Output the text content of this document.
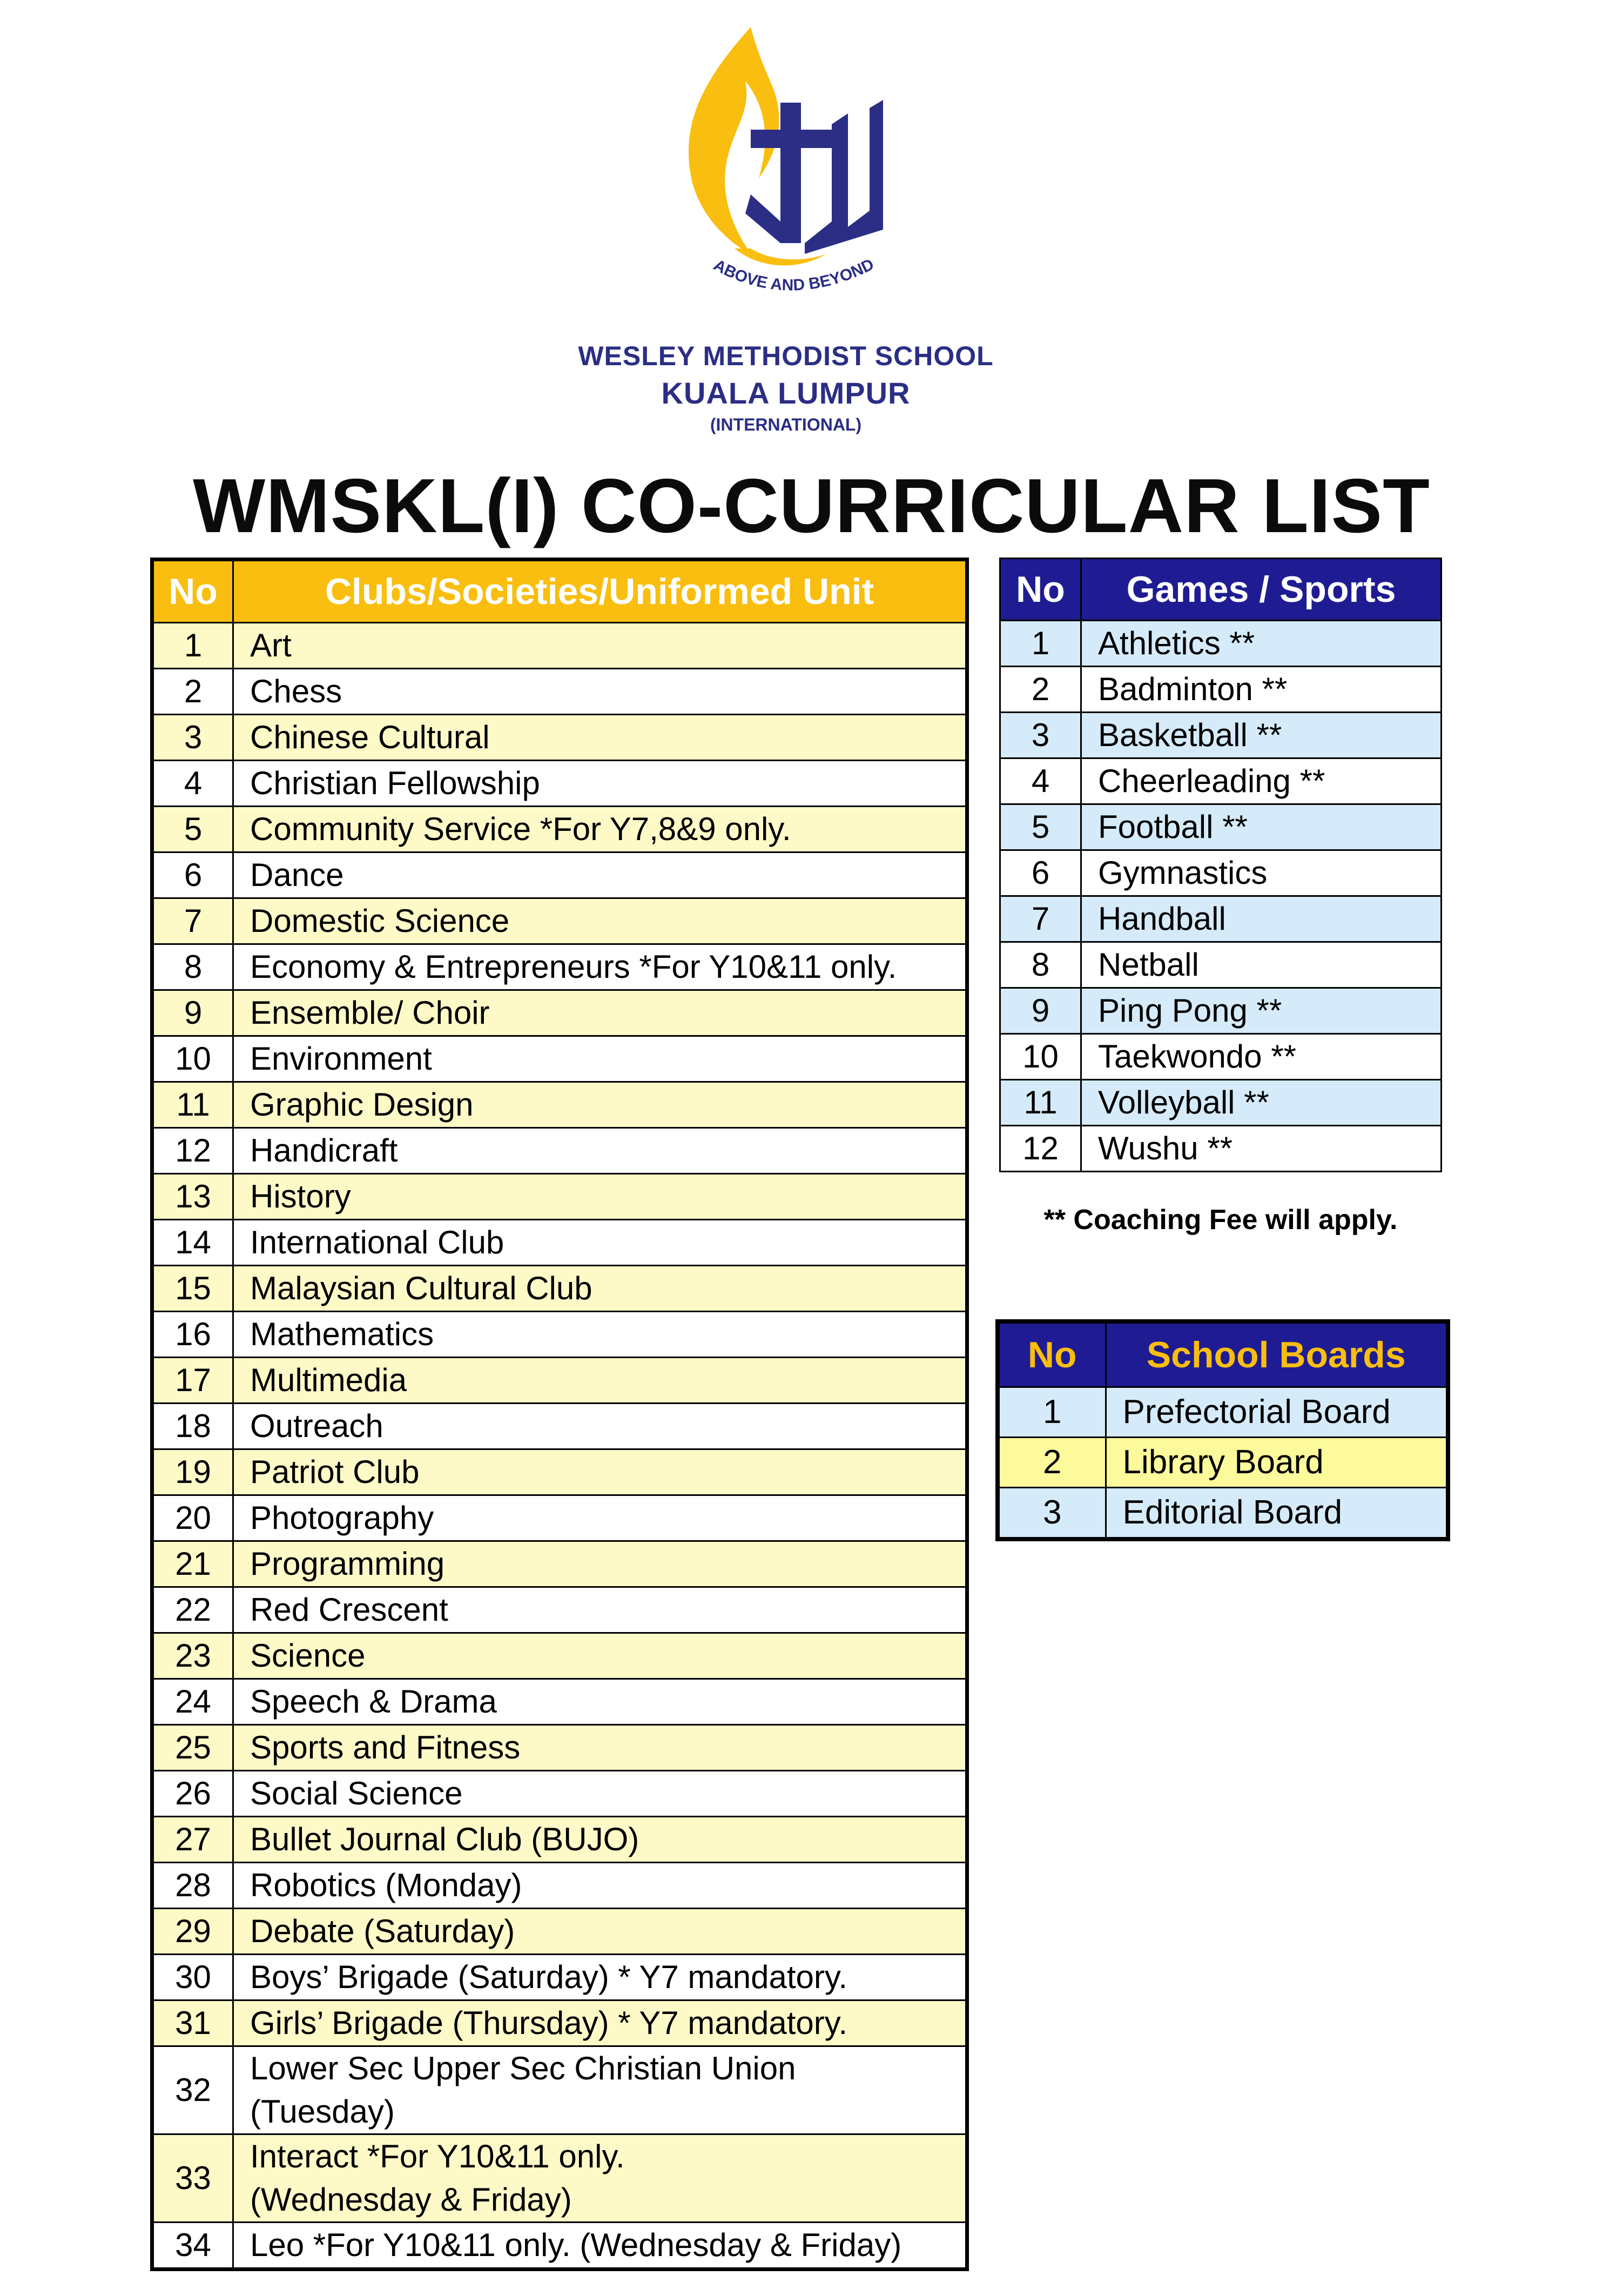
ABOVE AND BEYOND
WESLEY METHODIST SCHOOL
KUALA LUMPUR
(INTERNATIONAL)
WMSKL(I) CO-CURRICULAR LIST
No	Clubs/Societies/Uniformed Unit
1	Art
2	Chess
3	Chinese Cultural
4	Christian Fellowship
5	Community Service *For Y7,8&9 only.
6	Dance
7	Domestic Science
8	Economy & Entrepreneurs *For Y10&11 only.
9	Ensemble/ Choir
10	Environment
11	Graphic Design
12	Handicraft
13	History
14	International Club
15	Malaysian Cultural Club
16	Mathematics
17	Multimedia
18	Outreach
19	Patriot Club
20	Photography
21	Programming
22	Red Crescent
23	Science
24	Speech & Drama
25	Sports and Fitness
26	Social Science
27	Bullet Journal Club (BUJO)
28	Robotics (Monday)
29	Debate (Saturday)
30	Boys’ Brigade (Saturday) * Y7 mandatory.
31	Girls’ Brigade (Thursday) * Y7 mandatory.
32	Lower Sec Upper Sec Christian Union
(Tuesday)

33	Interact *For Y10&11 only.
(Wednesday & Friday)

34	Leo *For Y10&11 only. (Wednesday & Friday)
No	Games / Sports
1	Athletics **
2	Badminton **
3	Basketball **
4	Cheerleading **
5	Football **
6	Gymnastics
7	Handball
8	Netball
9	Ping Pong **
10	Taekwondo **
11	Volleyball **
12	Wushu **
** Coaching Fee will apply.
No	School Boards
1	Prefectorial Board
2	Library Board
3	Editorial Board
